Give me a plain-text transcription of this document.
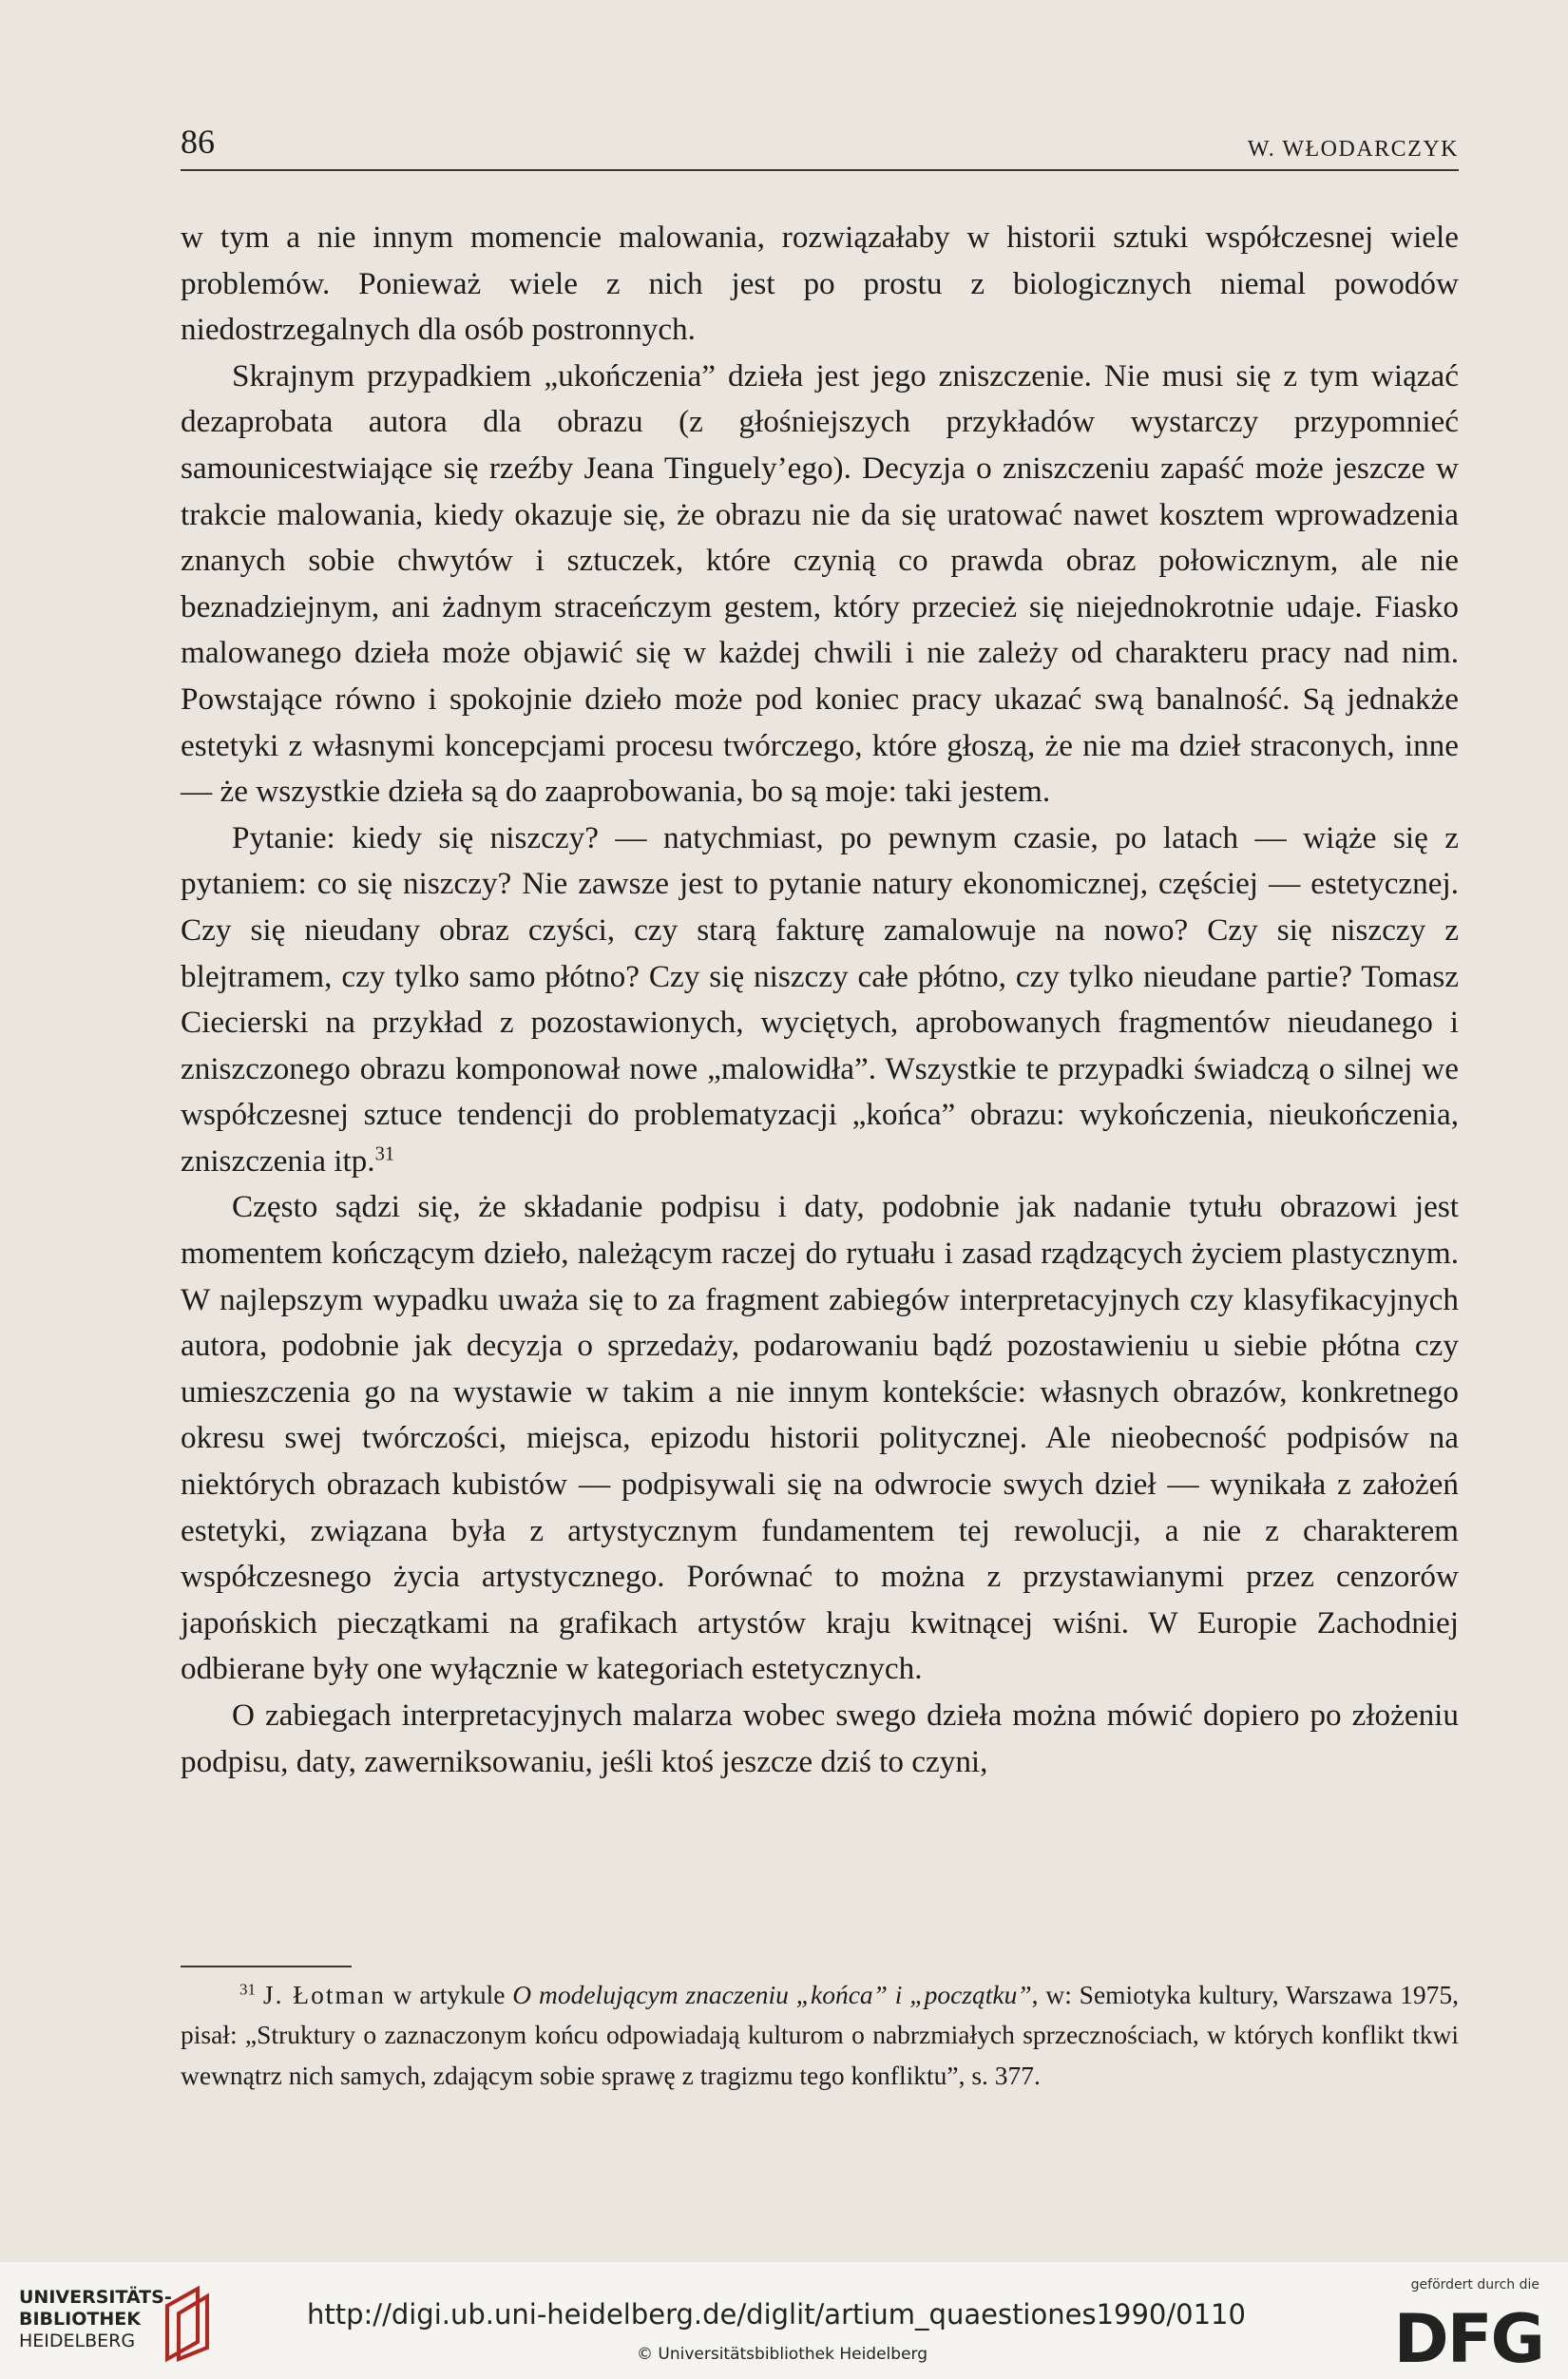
86	W. WŁODARCZYK

w tym a nie innym momencie malowania, rozwiązałaby w historii sztuki współczesnej wiele problemów. Ponieważ wiele z nich jest po prostu z biologicznych niemal powodów niedostrzegalnych dla osób postronnych.

Skrajnym przypadkiem „ukończenia” dzieła jest jego zniszczenie. Nie musi się z tym wiązać dezaprobata autora dla obrazu (z głośniejszych przykładów wystarczy przypomnieć samounicestwiające się rzeźby Jeana Tinguely’ego). Decyzja o zniszczeniu zapaść może jeszcze w trakcie malowania, kiedy okazuje się, że obrazu nie da się uratować nawet kosztem wprowadzenia znanych sobie chwytów i sztuczek, które czynią co prawda obraz połowicznym, ale nie beznadziejnym, ani żadnym straceńczym gestem, który przecież się niejednokrotnie udaje. Fiasko malowanego dzieła może objawić się w każdej chwili i nie zależy od charakteru pracy nad nim. Powstające równo i spokojnie dzieło może pod koniec pracy ukazać swą banalność. Są jednakże estetyki z własnymi koncepcjami procesu twórczego, które głoszą, że nie ma dzieł straconych, inne — że wszystkie dzieła są do zaaprobowania, bo są moje: taki jestem.

Pytanie: kiedy się niszczy? — natychmiast, po pewnym czasie, po latach — wiąże się z pytaniem: co się niszczy? Nie zawsze jest to pytanie natury ekonomicznej, częściej — estetycznej. Czy się nieudany obraz czyści, czy starą fakturę zamalowuje na nowo? Czy się niszczy z blejtramem, czy tylko samo płótno? Czy się niszczy całe płótno, czy tylko nieudane partie? Tomasz Ciecierski na przykład z pozostawionych, wyciętych, aprobowanych fragmentów nieudanego i zniszczonego obrazu komponował nowe „malowidła”. Wszystkie te przypadki świadczą o silnej we współczesnej sztuce tendencji do problematyzacji „końca” obrazu: wykończenia, nieukończenia, zniszczenia itp.$^{31}$

Często sądzi się, że składanie podpisu i daty, podobnie jak nadanie tytułu obrazowi jest momentem kończącym dzieło, należącym raczej do rytuału i zasad rządzących życiem plastycznym. W najlepszym wypadku uważa się to za fragment zabiegów interpretacyjnych czy klasyfikacyjnych autora, podobnie jak decyzja o sprzedaży, podarowaniu bądź pozostawieniu u siebie płótna czy umieszczenia go na wystawie w takim a nie innym kontekście: własnych obrazów, konkretnego okresu swej twórczości, miejsca, epizodu historii politycznej. Ale nieobecność podpisów na niektórych obrazach kubistów — podpisywali się na odwrocie swych dzieł — wynikała z założeń estetyki, związana była z artystycznym fundamentem tej rewolucji, a nie z charakterem współczesnego życia artystycznego. Porównać to można z przystawianymi przez cenzorów japońskich pieczątkami na grafikach artystów kraju kwitnącej wiśni. W Europie Zachodniej odbierane były one wyłącznie w kategoriach estetycznych.

O zabiegach interpretacyjnych malarza wobec swego dzieła można mówić dopiero po złożeniu podpisu, daty, zawerniksowaniu, jeśli ktoś jeszcze dziś to czyni,

$^{31}$ J. Łotman w artykule O modelującym znaczeniu „końca” i „początku”, w: Semiotyka kultury, Warszawa 1975, pisał: „Struktury o zaznaczonym końcu odpowiadają kulturom o nabrzmiałych sprzecznościach, w których konflikt tkwi wewnątrz nich samych, zdającym sobie sprawę z tragizmu tego konfliktu”, s. 377.

UNIVERSITÄTS-
BIBLIOTHEK
HEIDELBERG
http://digi.ub.uni-heidelberg.de/diglit/artium_quaestiones1990/0110
© Universitätsbibliothek Heidelberg
gefördert durch die
DFG
